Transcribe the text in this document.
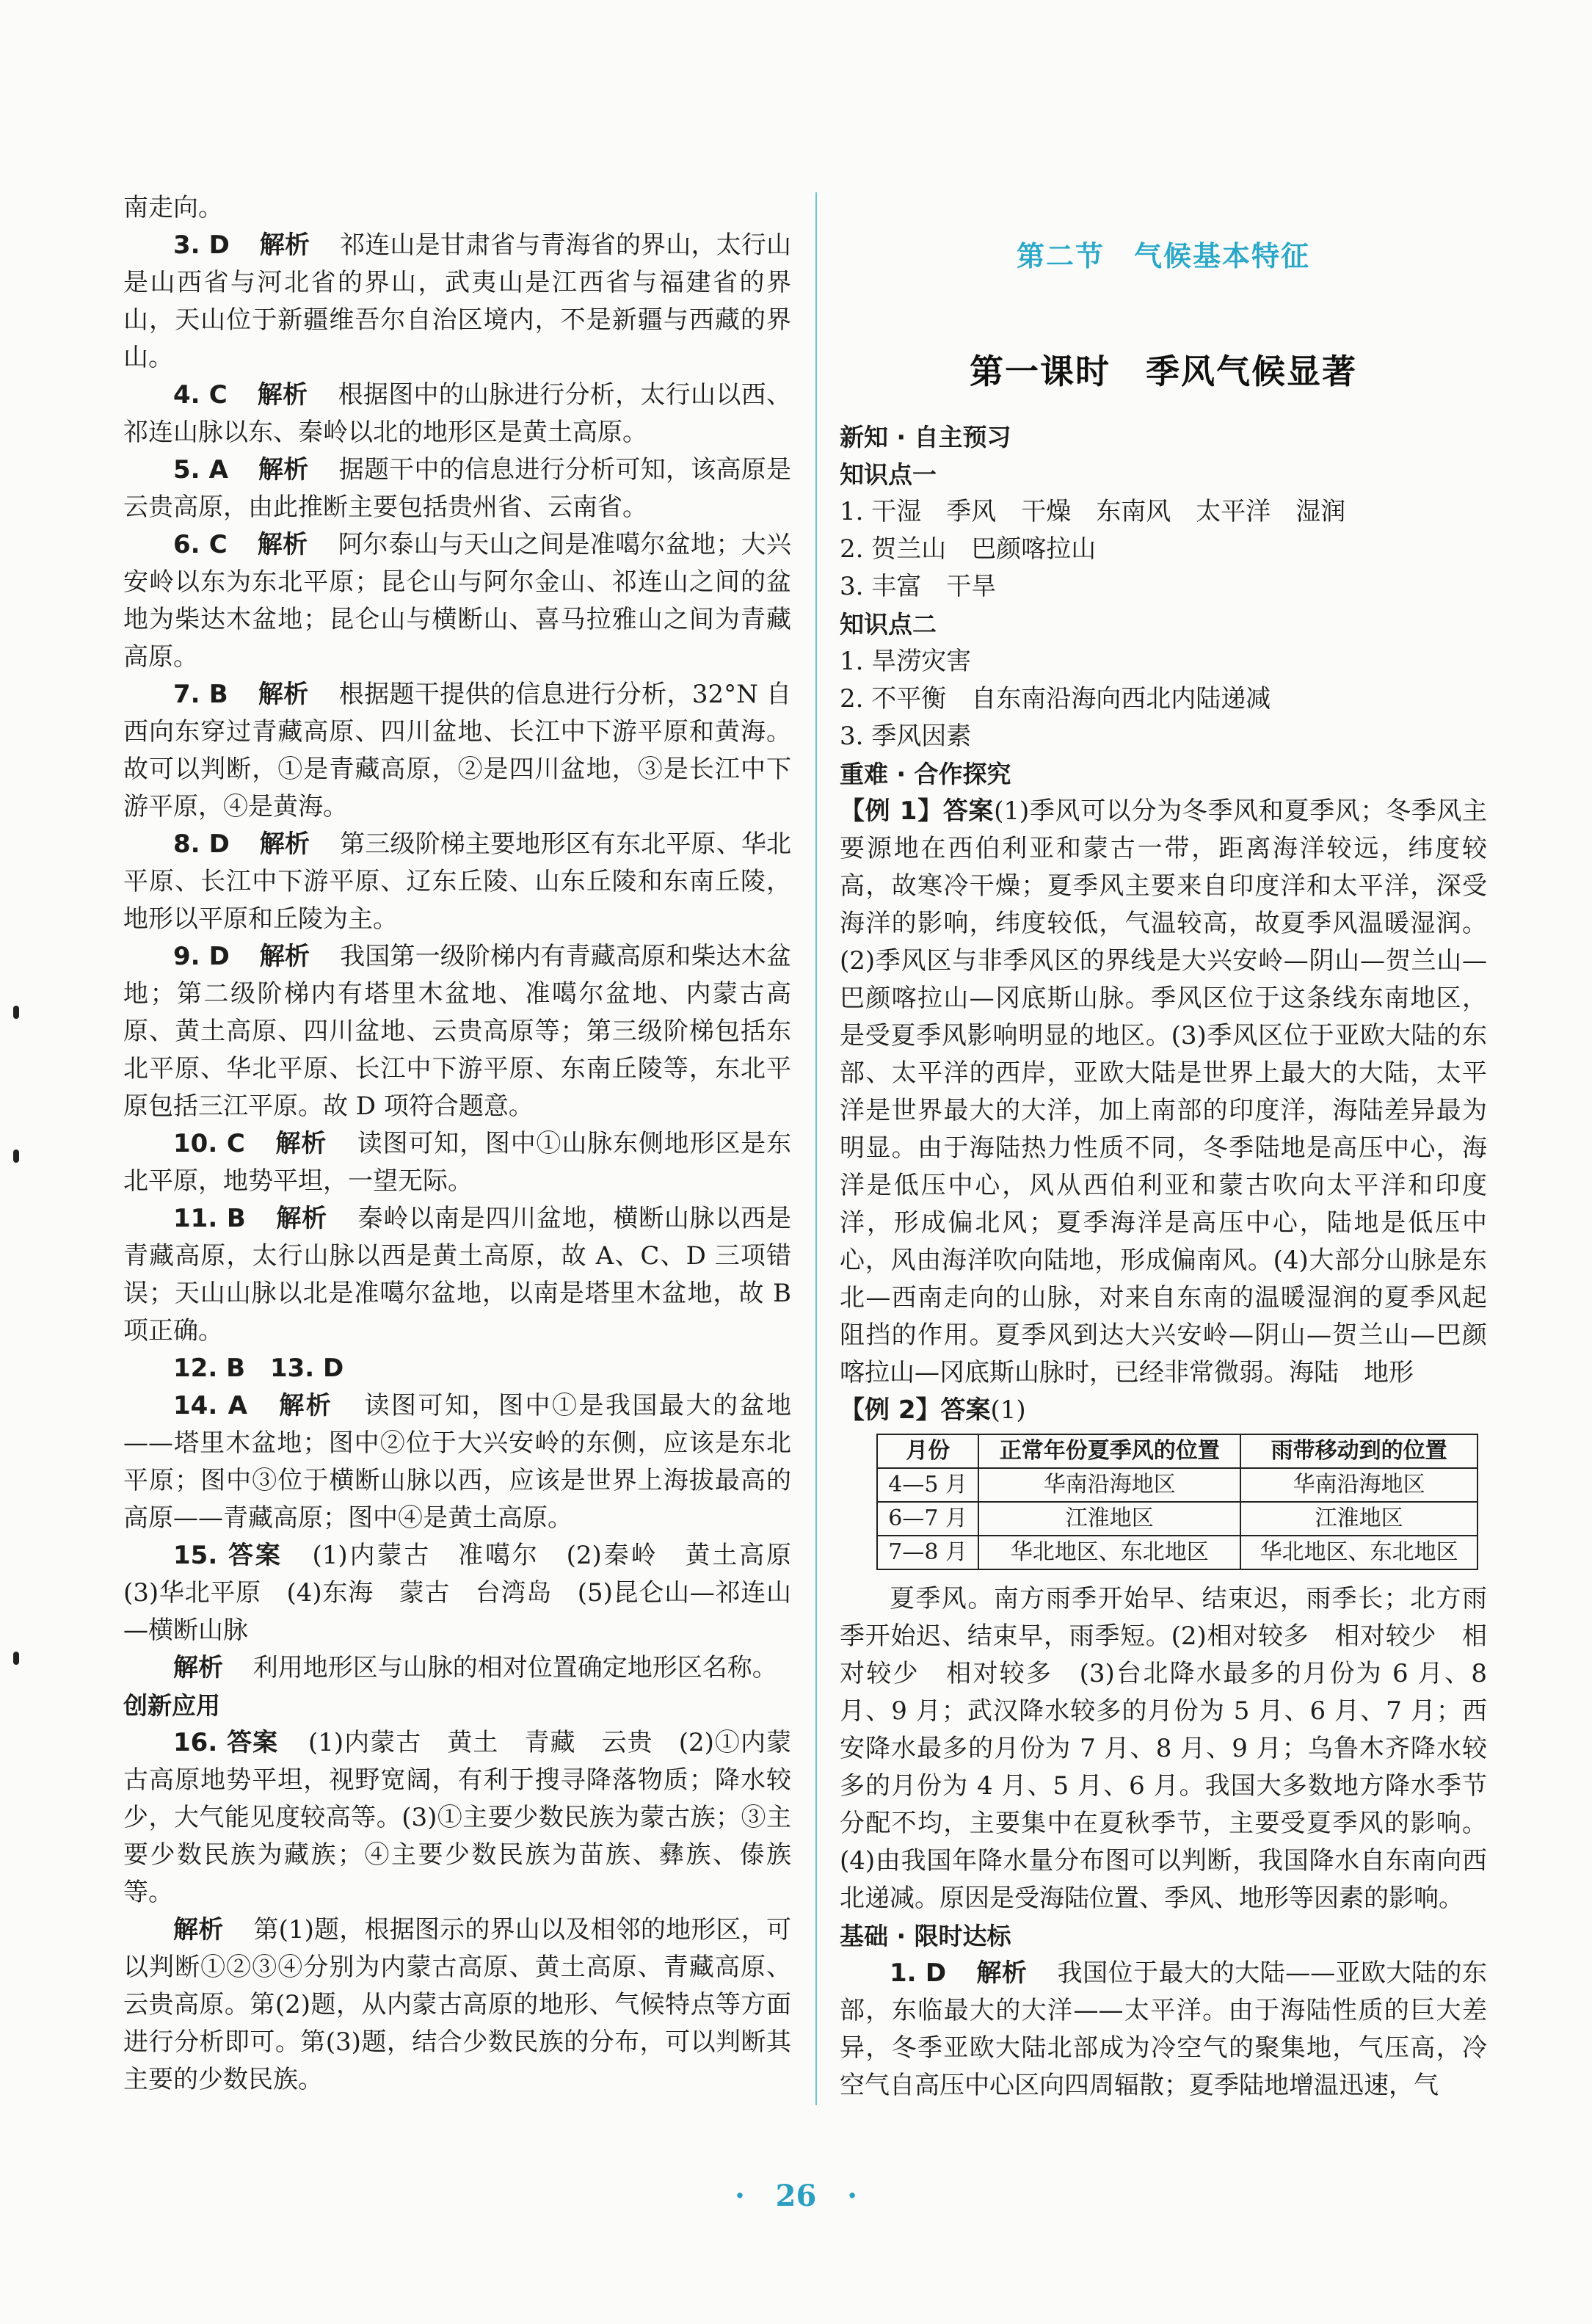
南走向。

3. D 解析 祁连山是甘肃省与青海省的界山，太行山是山西省与河北省的界山，武夷山是江西省与福建省的界山，天山位于新疆维吾尔自治区境内，不是新疆与西藏的界山。

4. C 解析 根据图中的山脉进行分析，太行山以西、祁连山脉以东、秦岭以北的地形区是黄土高原。

5. A 解析 据题干中的信息进行分析可知，该高原是云贵高原，由此推断主要包括贵州省、云南省。

6. C 解析 阿尔泰山与天山之间是准噶尔盆地；大兴安岭以东为东北平原；昆仑山与阿尔金山、祁连山之间的盆地为柴达木盆地；昆仑山与横断山、喜马拉雅山之间为青藏高原。

7. B 解析 根据题干提供的信息进行分析，32°N 自西向东穿过青藏高原、四川盆地、长江中下游平原和黄海。故可以判断，①是青藏高原，②是四川盆地，③是长江中下游平原，④是黄海。

8. D 解析 第三级阶梯主要地形区有东北平原、华北平原、长江中下游平原、辽东丘陵、山东丘陵和东南丘陵，地形以平原和丘陵为主。

9. D 解析 我国第一级阶梯内有青藏高原和柴达木盆地；第二级阶梯内有塔里木盆地、准噶尔盆地、内蒙古高原、黄土高原、四川盆地、云贵高原等；第三级阶梯包括东北平原、华北平原、长江中下游平原、东南丘陵等，东北平原包括三江平原。故 D 项符合题意。

10. C 解析 读图可知，图中①山脉东侧地形区是东北平原，地势平坦，一望无际。

11. B 解析 秦岭以南是四川盆地，横断山脉以西是青藏高原，太行山脉以西是黄土高原，故 A、C、D 三项错误；天山山脉以北是准噶尔盆地，以南是塔里木盆地，故 B 项正确。

12. B　13. D

14. A 解析 读图可知，图中①是我国最大的盆地——塔里木盆地；图中②位于大兴安岭的东侧，应该是东北平原；图中③位于横断山脉以西，应该是世界上海拔最高的高原——青藏高原；图中④是黄土高原。

15. 答案 (1)内蒙古　准噶尔　(2)秦岭　黄土高原　(3)华北平原　(4)东海　蒙古　台湾岛　(5)昆仑山—祁连山—横断山脉

解析 利用地形区与山脉的相对位置确定地形区名称。

创新应用

16. 答案 (1)内蒙古　黄土　青藏　云贵　(2)①内蒙古高原地势平坦，视野宽阔，有利于搜寻降落物质；降水较少，大气能见度较高等。(3)①主要少数民族为蒙古族；③主要少数民族为藏族；④主要少数民族为苗族、彝族、傣族等。

解析 第(1)题，根据图示的界山以及相邻的地形区，可以判断①②③④分别为内蒙古高原、黄土高原、青藏高原、云贵高原。第(2)题，从内蒙古高原的地形、气候特点等方面进行分析即可。第(3)题，结合少数民族的分布，可以判断其主要的少数民族。

第二节　气候基本特征
第一课时　季风气候显著

新知 · 自主预习

知识点一

1. 干湿　季风　干燥　东南风　太平洋　湿润

2. 贺兰山　巴颜喀拉山

3. 丰富　干旱

知识点二

1. 旱涝灾害

2. 不平衡　自东南沿海向西北内陆递减

3. 季风因素

重难 · 合作探究

【例 1】答案(1)季风可以分为冬季风和夏季风；冬季风主要源地在西伯利亚和蒙古一带，距离海洋较远，纬度较高，故寒冷干燥；夏季风主要来自印度洋和太平洋，深受海洋的影响，纬度较低，气温较高，故夏季风温暖湿润。(2)季风区与非季风区的界线是大兴安岭—阴山—贺兰山—巴颜喀拉山—冈底斯山脉。季风区位于这条线东南地区，是受夏季风影响明显的地区。(3)季风区位于亚欧大陆的东部、太平洋的西岸，亚欧大陆是世界上最大的大陆，太平洋是世界最大的大洋，加上南部的印度洋，海陆差异最为明显。由于海陆热力性质不同，冬季陆地是高压中心，海洋是低压中心，风从西伯利亚和蒙古吹向太平洋和印度洋，形成偏北风；夏季海洋是高压中心，陆地是低压中心，风由海洋吹向陆地，形成偏南风。(4)大部分山脉是东北—西南走向的山脉，对来自东南的温暖湿润的夏季风起阻挡的作用。夏季风到达大兴安岭—阴山—贺兰山—巴颜喀拉山—冈底斯山脉时，已经非常微弱。海陆　地形

【例 2】答案(1)

月份	正常年份夏季风的位置	雨带移动到的位置
4—5 月	华南沿海地区	华南沿海地区
6—7 月	江淮地区	江淮地区
7—8 月	华北地区、东北地区	华北地区、东北地区

夏季风。南方雨季开始早、结束迟，雨季长；北方雨季开始迟、结束早，雨季短。(2)相对较多　相对较少　相对较少　相对较多　(3)台北降水最多的月份为 6 月、8 月、9 月；武汉降水较多的月份为 5 月、6 月、7 月；西安降水最多的月份为 7 月、8 月、9 月；乌鲁木齐降水较多的月份为 4 月、5 月、6 月。我国大多数地方降水季节分配不均，主要集中在夏秋季节，主要受夏季风的影响。(4)由我国年降水量分布图可以判断，我国降水自东南向西北递减。原因是受海陆位置、季风、地形等因素的影响。

基础 · 限时达标

1. D 解析 我国位于最大的大陆——亚欧大陆的东部，东临最大的大洋——太平洋。由于海陆性质的巨大差异，冬季亚欧大陆北部成为冷空气的聚集地，气压高，冷空气自高压中心区向四周辐散；夏季陆地增温迅速，气

·   26   ·
